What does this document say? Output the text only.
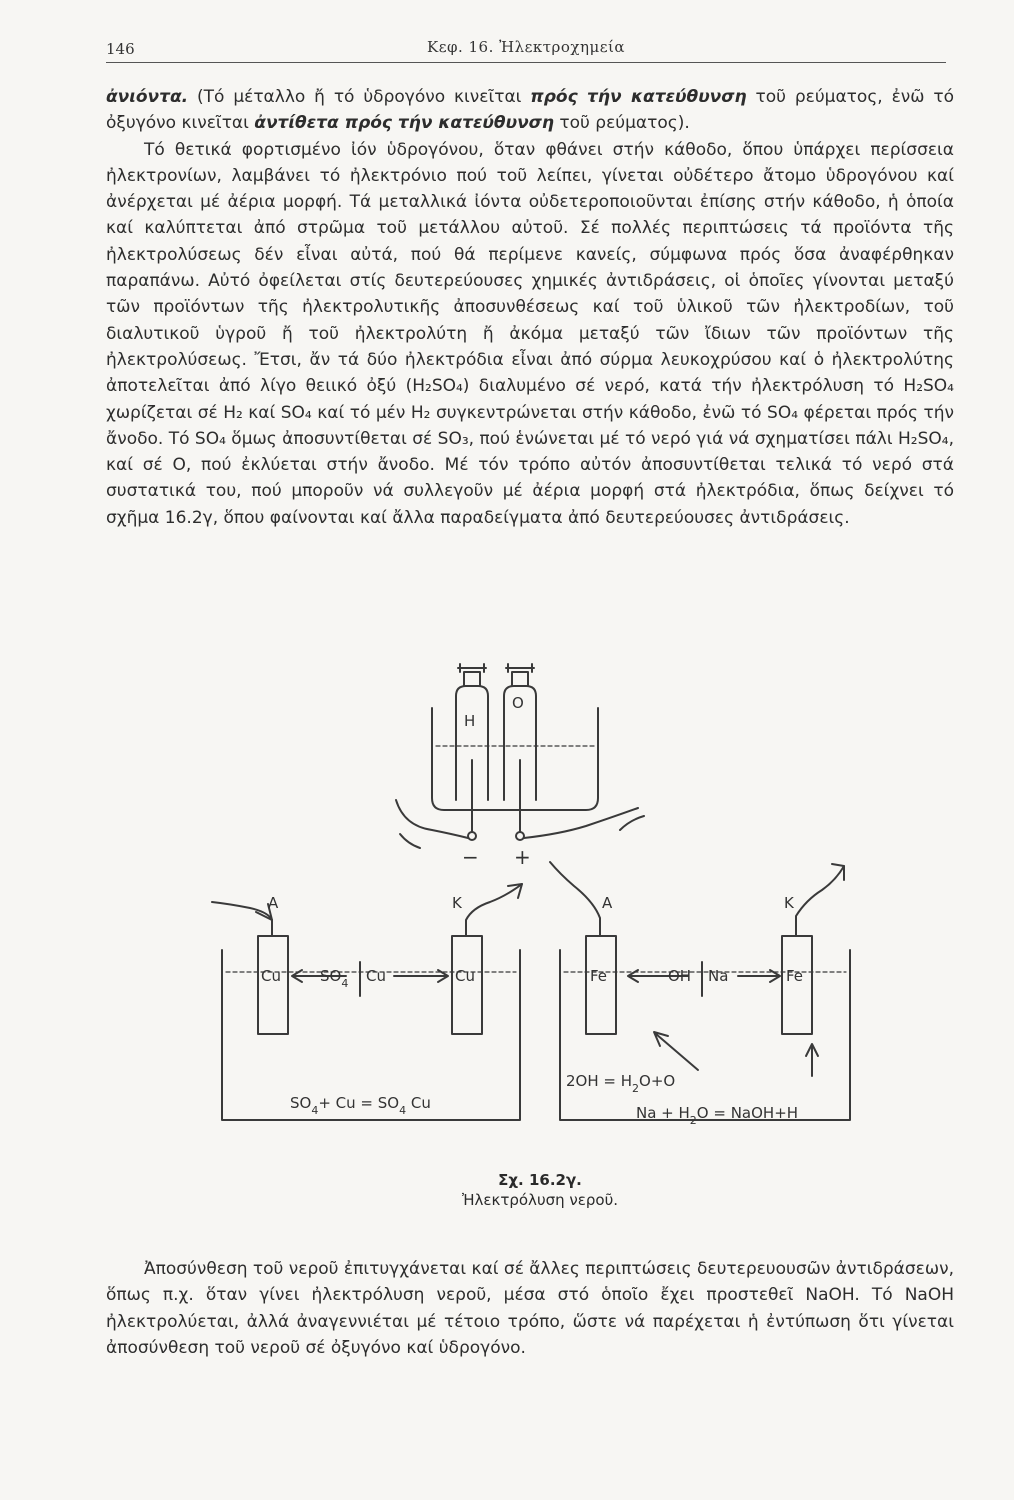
146	Κεφ. 16. Ἠλεκτροχημεία

ἀνιόντα. (Τό μέταλλο ἤ τό ὑδρογόνο κινεῖται πρός τήν κατεύθυνση τοῦ ρεύματος, ἐνῶ τό ὀξυγόνο κινεῖται ἀντίθετα πρός τήν κατεύθυνση τοῦ ρεύματος).

Τό θετικά φορτισμένο ἰόν ὑδρογόνου, ὅταν φθάνει στήν κάθοδο, ὅπου ὑπάρχει περίσσεια ἠλεκτρονίων, λαμβάνει τό ἠλεκτρόνιο πού τοῦ λείπει, γίνεται οὐδέτερο ἄτομο ὑδρογόνου καί ἀνέρχεται μέ ἀέρια μορφή. Τά μεταλλικά ἰόντα οὐδετεροποιοῦνται ἐπίσης στήν κάθοδο, ἡ ὁποία καί καλύπτεται ἀπό στρῶμα τοῦ μετάλλου αὐτοῦ. Σέ πολλές περιπτώσεις τά προϊόντα τῆς ἠλεκτρολύσεως δέν εἶναι αὐτά, πού θά περίμενε κανείς, σύμφωνα πρός ὅσα ἀναφέρθηκαν παραπάνω. Αὐτό ὀφείλεται στίς δευτερεύουσες χημικές ἀντιδράσεις, οἱ ὁποῖες γίνονται μεταξύ τῶν προϊόντων τῆς ἠλεκτρολυτικῆς ἀποσυνθέσεως καί τοῦ ὑλικοῦ τῶν ἠλεκτροδίων, τοῦ διαλυτικοῦ ὑγροῦ ἤ τοῦ ἠλεκτρολύτη ἤ ἀκόμα μεταξύ τῶν ἴδιων τῶν προϊόντων τῆς ἠλεκτρολύσεως. Ἔτσι, ἄν τά δύο ἠλεκτρόδια εἶναι ἀπό σύρμα λευκοχρύσου καί ὁ ἠλεκτρολύτης ἀποτελεῖται ἀπό λίγο θειικό ὀξύ (H₂SO₄) διαλυμένο σέ νερό, κατά τήν ἠλεκτρόλυση τό H₂SO₄ χωρίζεται σέ H₂ καί SO₄ καί τό μέν H₂ συγκεντρώνεται στήν κάθοδο, ἐνῶ τό SO₄ φέρεται πρός τήν ἄνοδο. Τό SO₄ ὅμως ἀποσυντίθεται σέ SO₃, πού ἑνώνεται μέ τό νερό γιά νά σχηματίσει πάλι H₂SO₄, καί σέ O, πού ἐκλύεται στήν ἄνοδο. Μέ τόν τρόπο αὐτόν ἀποσυντίθεται τελικά τό νερό στά συστατικά του, πού μποροῦν νά συλλεγοῦν μέ ἀέρια μορφή στά ἠλεκτρόδια, ὅπως δείχνει τό σχῆμα 16.2γ, ὅπου φαίνονται καί ἄλλα παραδείγματα ἀπό δευτερεύουσες ἀντιδράσεις.

H
O
− +
A	K
Cu	Cu
$SO_4$ Cu
$SO_4+ Cu = SO_4$ Cu
A	K
Fe	Fe
OH Na
$2OH = H_2O+O$
$Na + H_2O$ = NaOH+H
Σχ. 16.2γ.
Ἠλεκτρόλυση νεροῦ.

Ἀποσύνθεση τοῦ νεροῦ ἐπιτυγχάνεται καί σέ ἄλλες περιπτώσεις δευτερευουσῶν ἀντιδράσεων, ὅπως π.χ. ὅταν γίνει ἠλεκτρόλυση νεροῦ, μέσα στό ὁποῖο ἔχει προστεθεῖ NaOH. Τό NaOH ἠλεκτρολύεται, ἀλλά ἀναγεννιέται μέ τέτοιο τρόπο, ὥστε νά παρέχεται ἡ ἐντύπωση ὅτι γίνεται ἀποσύνθεση τοῦ νεροῦ σέ ὀξυγόνο καί ὑδρογόνο.
